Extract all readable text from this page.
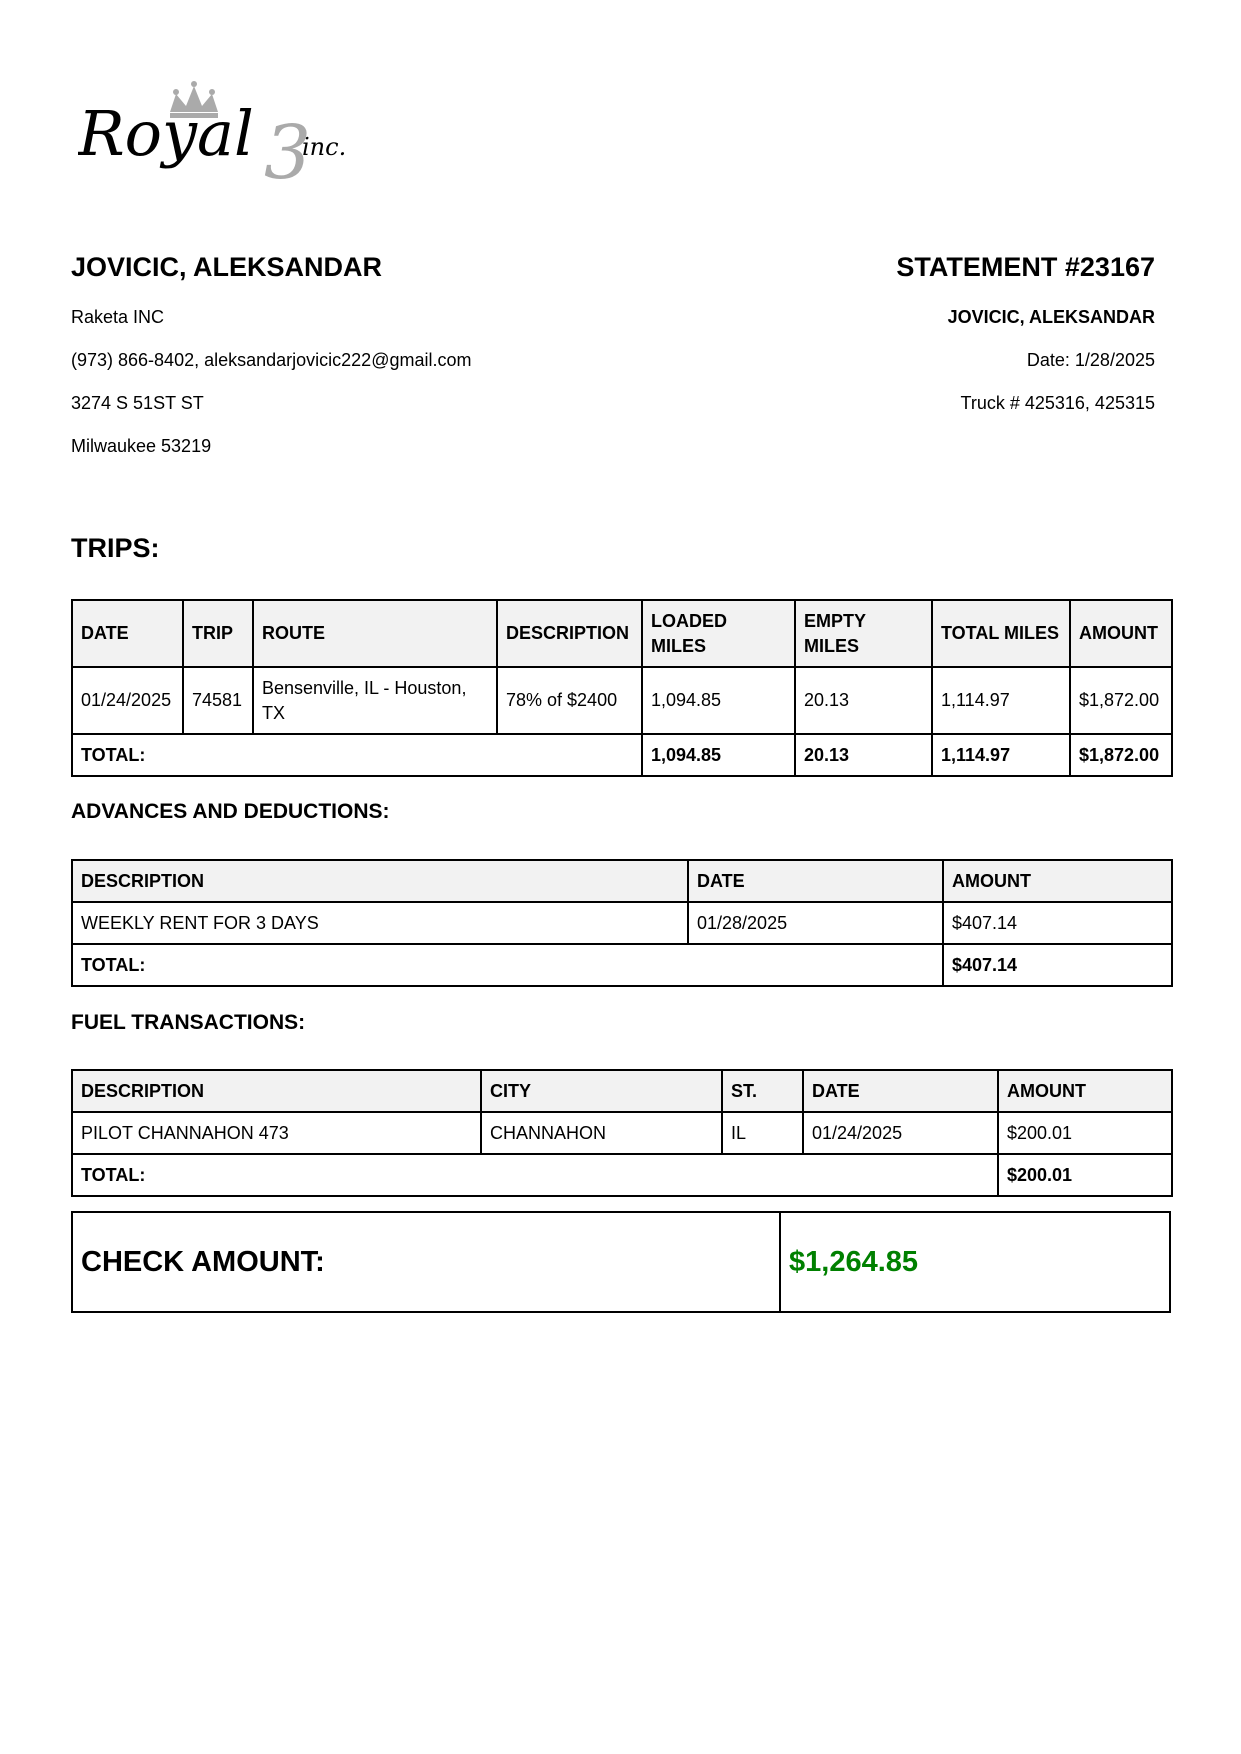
Royal 3
inc.
JOVICIC, ALEKSANDAR
Raketa INC
(973) 866-8402, aleksandarjovicic222@gmail.com
3274 S 51ST ST
Milwaukee 53219
STATEMENT #23167
JOVICIC, ALEKSANDAR
Date: 1/28/2025
Truck # 425316, 425315
TRIPS:
DATE	TRIP	ROUTE	DESCRIPTION	LOADED MILES	EMPTY MILES	TOTAL MILES	AMOUNT
01/24/2025	74581	Bensenville, IL - Houston, TX	78% of $2400	1,094.85	20.13	1,114.97	$1,872.00
TOTAL:				1,094.85	20.13	1,114.97	$1,872.00
ADVANCES AND DEDUCTIONS:
DESCRIPTION	DATE	AMOUNT
WEEKLY RENT FOR 3 DAYS	01/28/2025	$407.14
TOTAL:		$407.14
FUEL TRANSACTIONS:
DESCRIPTION	CITY	ST.	DATE	AMOUNT
PILOT CHANNAHON 473	CHANNAHON	IL	01/24/2025	$200.01
TOTAL:				$200.01
CHECK AMOUNT:	$1,264.85
